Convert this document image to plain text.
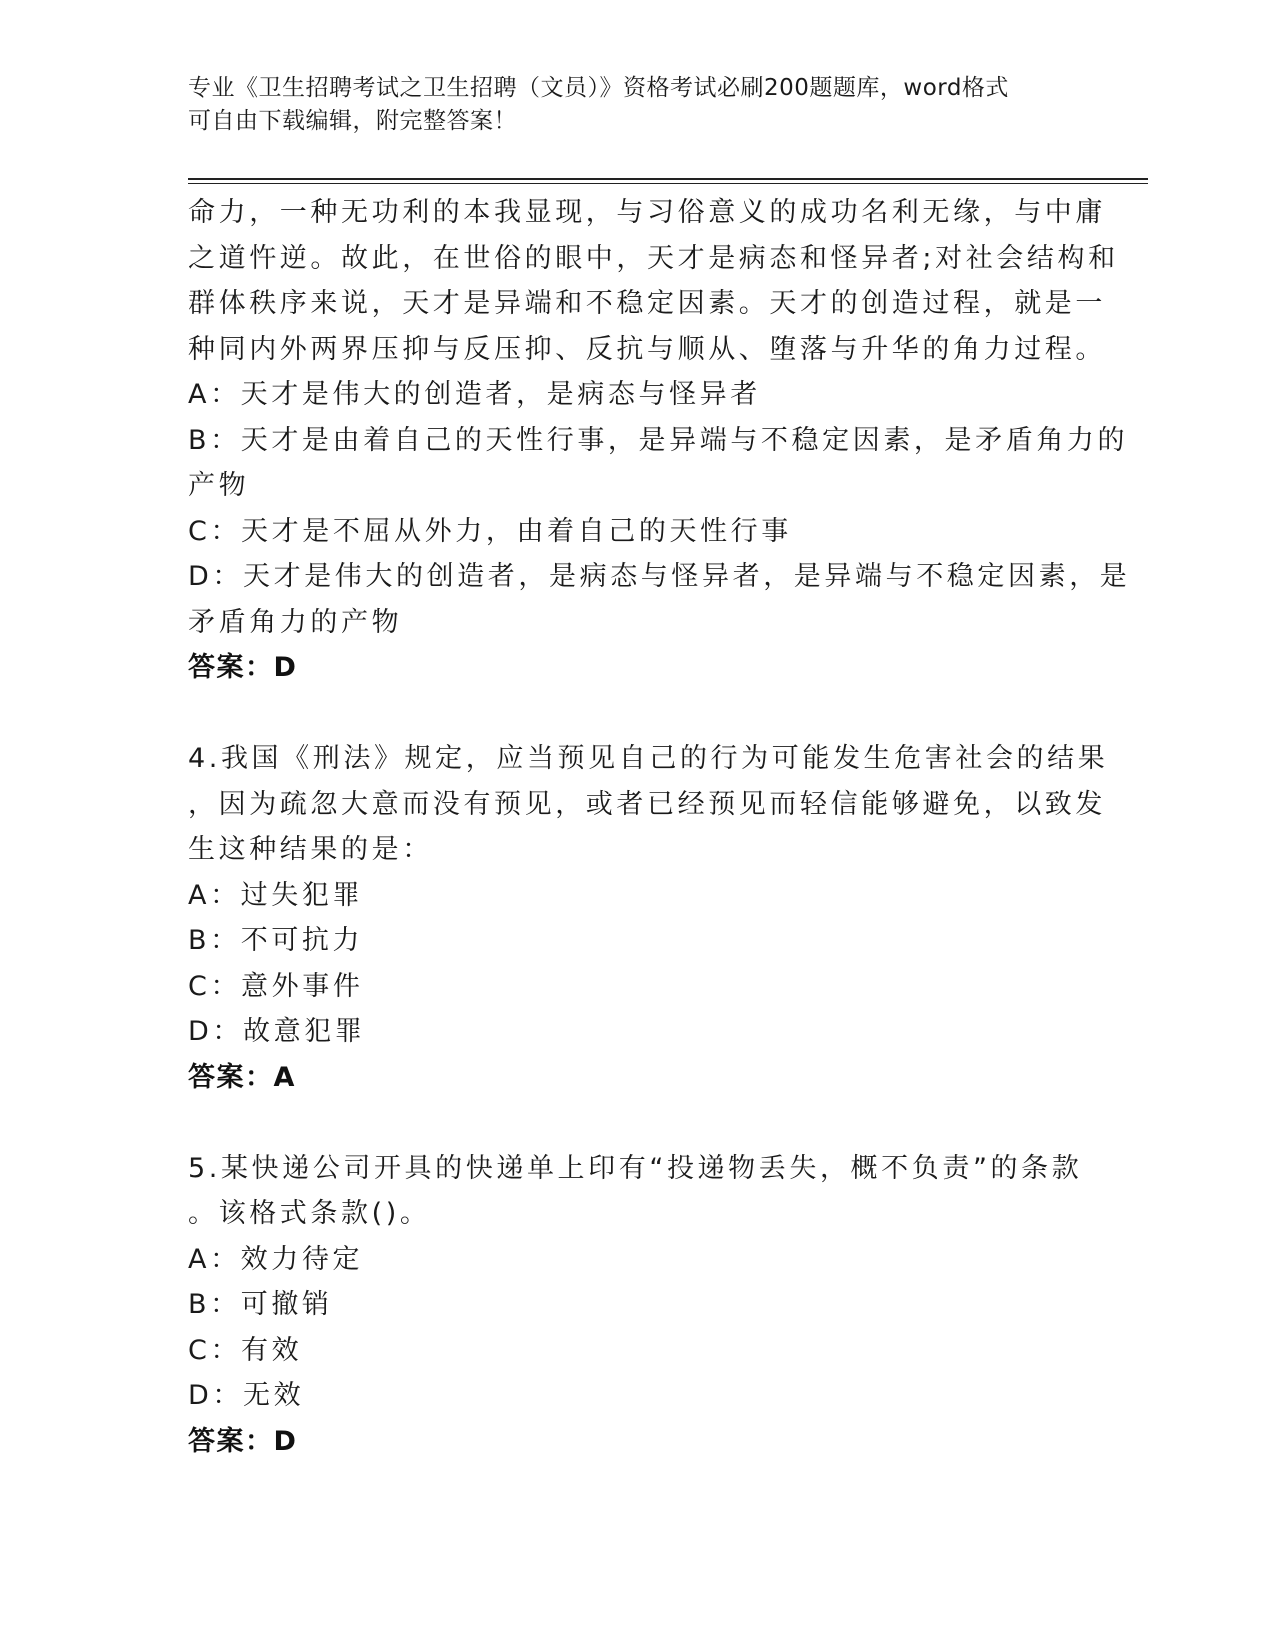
专业《卫生招聘考试之卫生招聘（文员）》资格考试必刷200题题库，word格式
可自由下载编辑，附完整答案！
命力，一种无功利的本我显现，与习俗意义的成功名利无缘，与中庸
之道忤逆。故此，在世俗的眼中，天才是病态和怪异者;对社会结构和
群体秩序来说，天才是异端和不稳定因素。天才的创造过程，就是一
种同内外两界压抑与反压抑、反抗与顺从、堕落与升华的角力过程。
A：天才是伟大的创造者，是病态与怪异者
B：天才是由着自己的天性行事，是异端与不稳定因素，是矛盾角力的
产物
C：天才是不屈从外力，由着自己的天性行事
D：天才是伟大的创造者，是病态与怪异者，是异端与不稳定因素，是
矛盾角力的产物
答案：D
4.我国《刑法》规定，应当预见自己的行为可能发生危害社会的结果
，因为疏忽大意而没有预见，或者已经预见而轻信能够避免，以致发
生这种结果的是：
A：过失犯罪
B：不可抗力
C：意外事件
D：故意犯罪
答案：A
5.某快递公司开具的快递单上印有“投递物丢失，概不负责”的条款
。该格式条款()。
A：效力待定
B：可撤销
C：有效
D：无效
答案：D
